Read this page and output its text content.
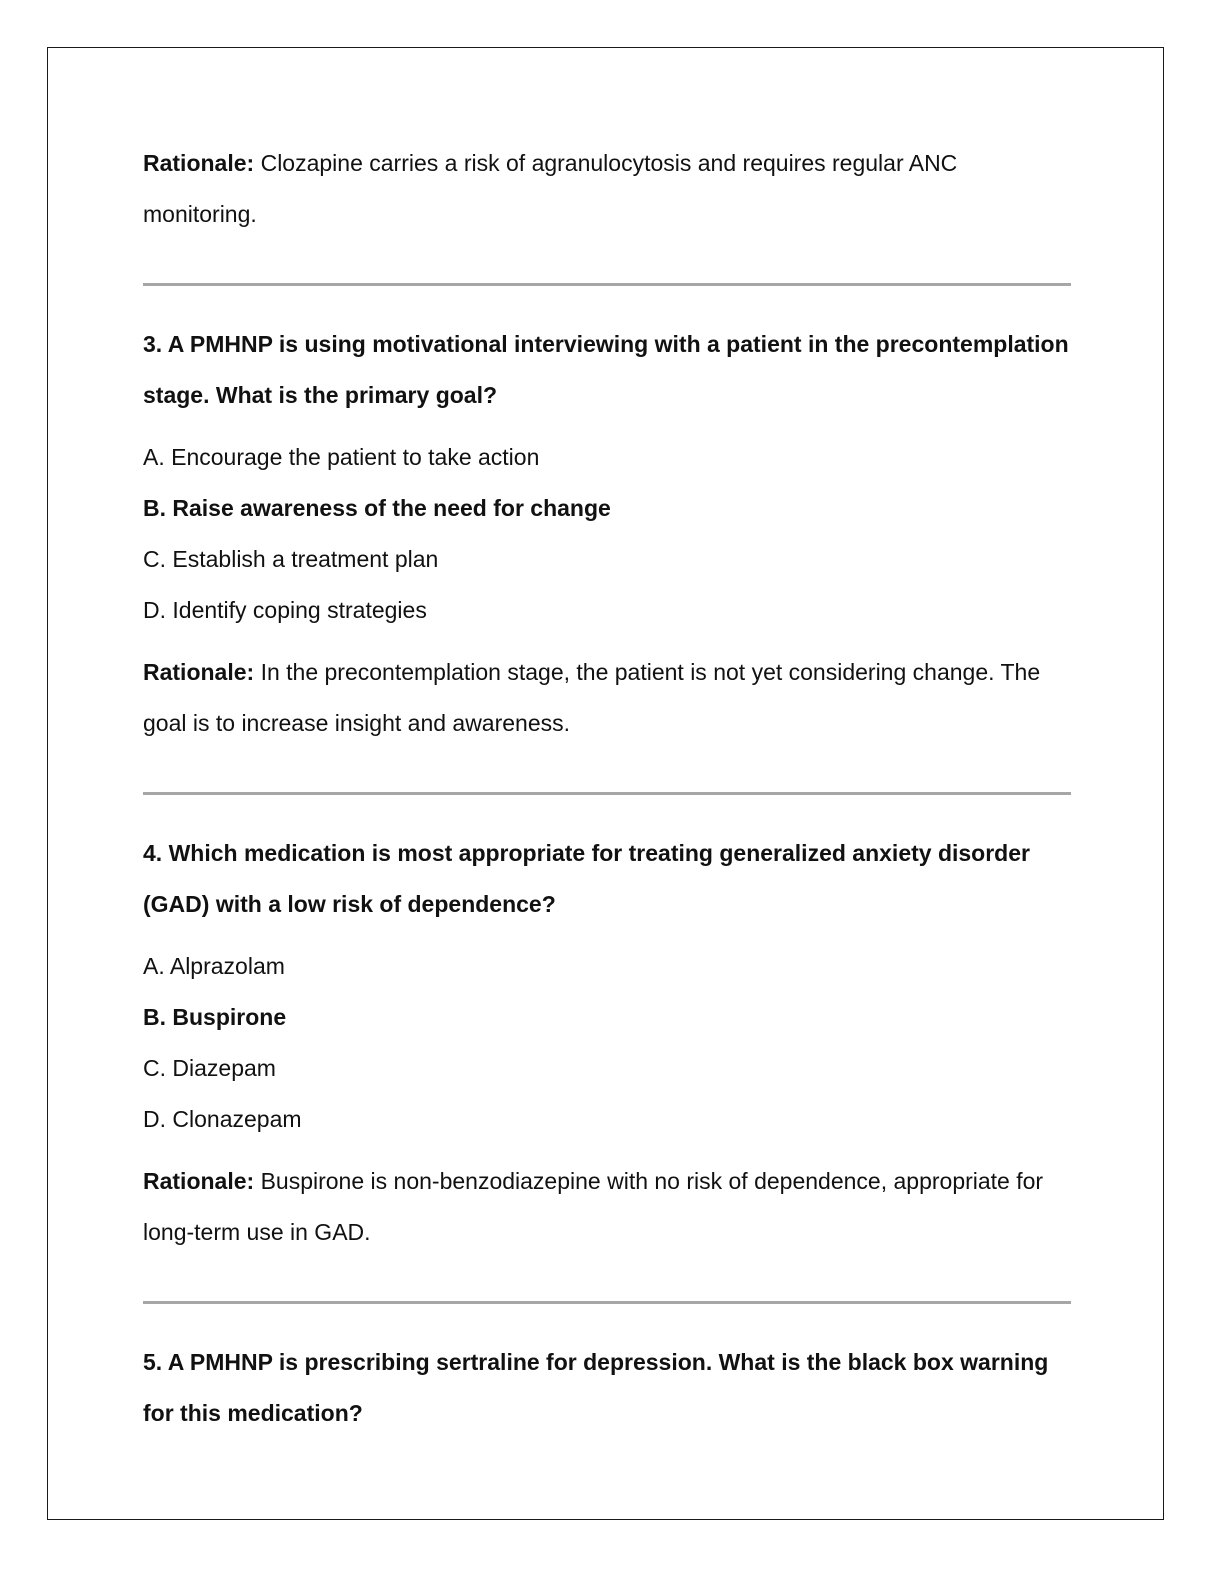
Rationale: Clozapine carries a risk of agranulocytosis and requires regular ANC monitoring.

3. A PMHNP is using motivational interviewing with a patient in the precontemplation stage. What is the primary goal?

A. Encourage the patient to take action

B. Raise awareness of the need for change

C. Establish a treatment plan

D. Identify coping strategies

Rationale: In the precontemplation stage, the patient is not yet considering change. The goal is to increase insight and awareness.

4. Which medication is most appropriate for treating generalized anxiety disorder (GAD) with a low risk of dependence?

A. Alprazolam

B. Buspirone

C. Diazepam

D. Clonazepam

Rationale: Buspirone is non-benzodiazepine with no risk of dependence, appropriate for long-term use in GAD.

5. A PMHNP is prescribing sertraline for depression. What is the black box warning for this medication?
